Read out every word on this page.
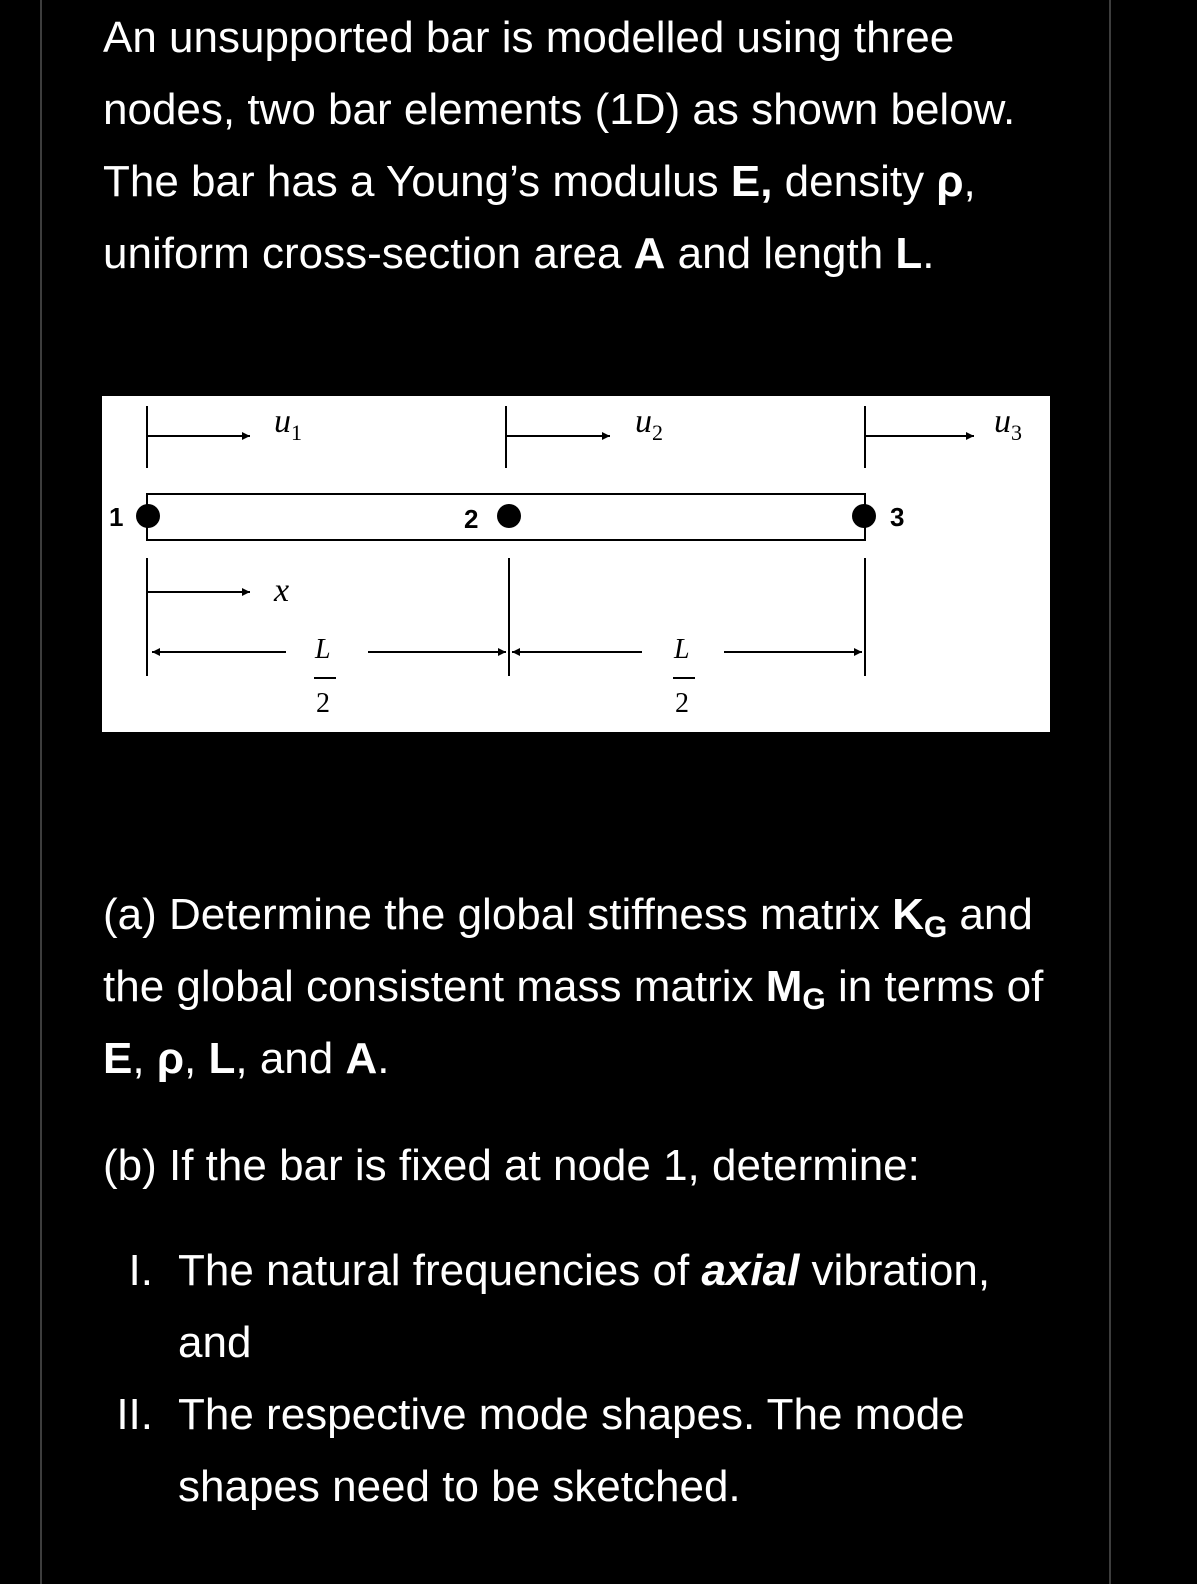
An unsupported bar is modelled using three nodes, two bar elements (1D) as shown below. The bar has a Young’s modulus E, density ρ, uniform cross-section area A and length L.

1	2	3
$u_1$	$u_2$	$u_3$
x
L	L
2	2

(a) Determine the global stiffness matrix $K_G$ and the global consistent mass matrix $M_G$ in terms of E, ρ, L, and A.

(b) If the bar is fixed at node 1, determine:

I. The natural frequencies of axial vibration, and
II. The respective mode shapes. The mode shapes need to be sketched.
